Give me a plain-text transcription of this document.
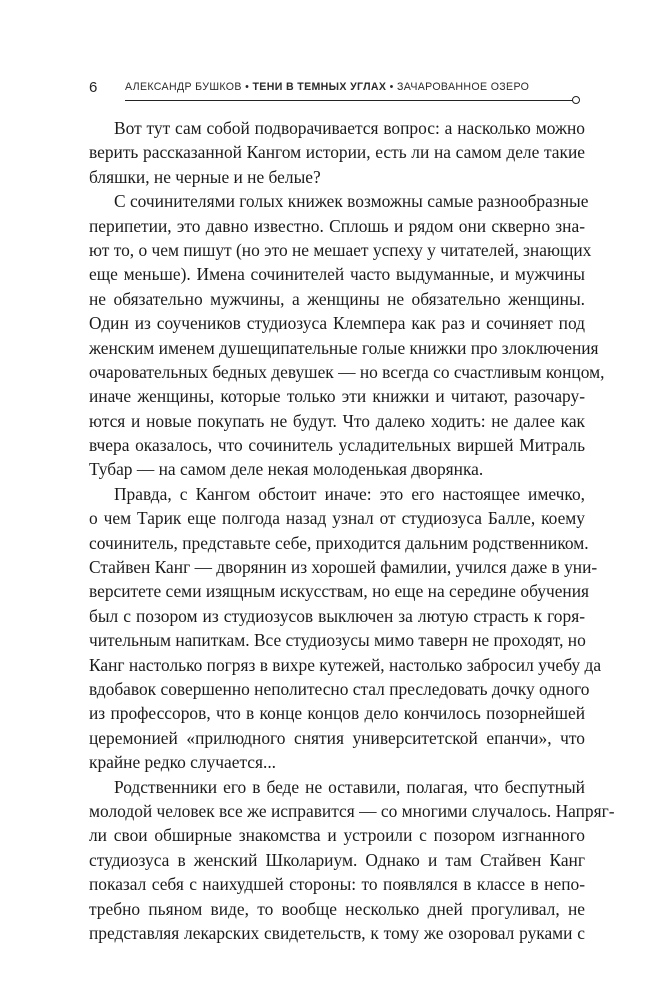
6	АЛЕКСАНДР БУШКОВ • ТЕНИ В ТЕМНЫХ УГЛАХ • ЗАЧАРОВАННОЕ ОЗЕРО
Вот тут сам собой подворачивается вопрос: а насколько можно
верить рассказанной Кангом истории, есть ли на самом деле такие
бляшки, не черные и не белые?
С сочинителями голых книжек возможны самые разнообразные
перипетии, это давно известно. Сплошь и рядом они скверно зна-
ют то, о чем пишут (но это не мешает успеху у читателей, знающих
еще меньше). Имена сочинителей часто выдуманные, и мужчины
не обязательно мужчины, а женщины не обязательно женщины.
Один из соучеников студиозуса Клемпера как раз и сочиняет под
женским именем душещипательные голые книжки про злоключения
очаровательных бедных девушек — но всегда со счастливым концом,
иначе женщины, которые только эти книжки и читают, разочару-
ются и новые покупать не будут. Что далеко ходить: не далее как
вчера оказалось, что сочинитель усладительных виршей Митраль
Тубар — на самом деле некая молоденькая дворянка.
Правда, с Кангом обстоит иначе: это его настоящее имечко,
о чем Тарик еще полгода назад узнал от студиозуса Балле, коему
сочинитель, представьте себе, приходится дальним родственником.
Стайвен Канг — дворянин из хорошей фамилии, учился даже в уни-
верситете семи изящным искусствам, но еще на середине обучения
был с позором из студиозусов выключен за лютую страсть к горя-
чительным напиткам. Все студиозусы мимо таверн не проходят, но
Канг настолько погряз в вихре кутежей, настолько забросил учебу да
вдобавок совершенно неполитесно стал преследовать дочку одного
из профессоров, что в конце концов дело кончилось позорнейшей
церемонией «прилюдного снятия университетской епанчи», что
крайне редко случается...
Родственники его в беде не оставили, полагая, что беспутный
молодой человек все же исправится — со многими случалось. Напряг-
ли свои обширные знакомства и устроили с позором изгнанного
студиозуса в женский Школариум. Однако и там Стайвен Канг
показал себя с наихудшей стороны: то появлялся в классе в непо-
требно пьяном виде, то вообще несколько дней прогуливал, не
представляя лекарских свидетельств, к тому же озоровал руками с
